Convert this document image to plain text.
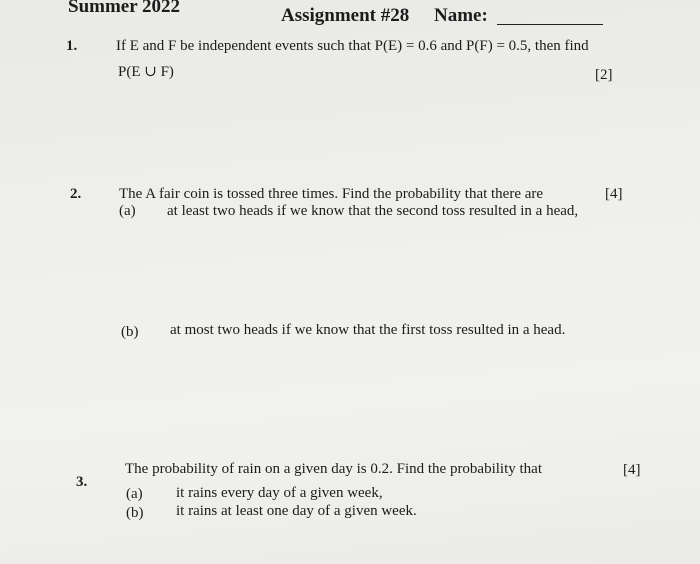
Summer 2022	Assignment #28 Name:
1.	If E and F be independent events such that P(E) = 0.6 and P(F) = 0.5, then find
P(E ∪ F)	[2]
2.	The A fair coin is tossed three times. Find the probability that there are	[4]
(a) at least two heads if we know that the second toss resulted in a head,
(b) at most two heads if we know that the first toss resulted in a head.
3.
The probability of rain on a given day is 0.2. Find the probability that	[4]
(a) it rains every day of a given week,
(b) it rains at least one day of a given week.
